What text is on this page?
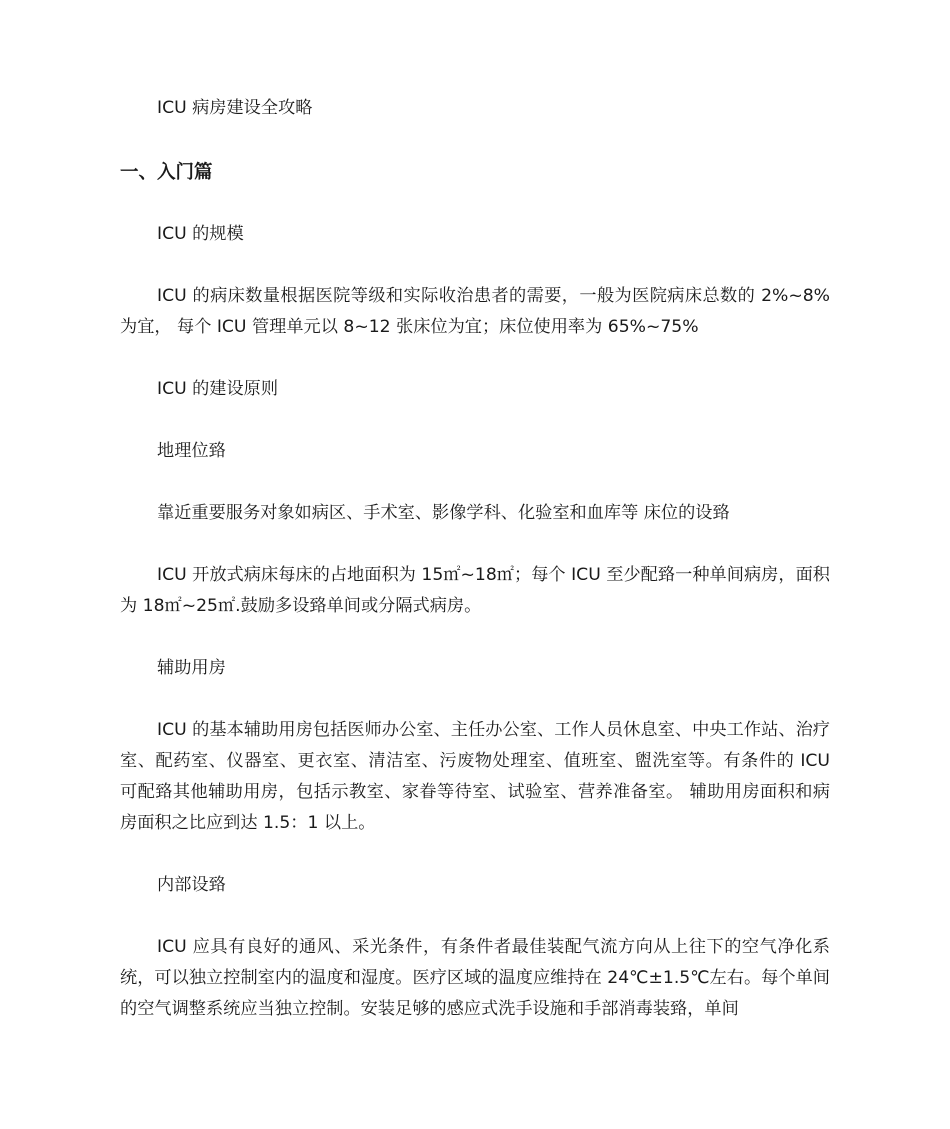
ICU 病房建设全攻略

一、入门篇

ICU 的规模

ICU 的病床数量根据医院等级和实际收治患者的需要，一般为医院病床总数的 2%~8%为宜， 每个 ICU 管理单元以 8~12 张床位为宜；床位使用率为 65%~75%

ICU 的建设原则

地理位臵

靠近重要服务对象如病区、手术室、影像学科、化验室和血库等 床位的设臵

ICU 开放式病床每床的占地面积为 15㎡~18㎡；每个 ICU 至少配臵一种单间病房，面积为 18㎡~25㎡.鼓励多设臵单间或分隔式病房。

辅助用房

ICU 的基本辅助用房包括医师办公室、主任办公室、工作人员休息室、中央工作站、治疗室、配药室、仪器室、更衣室、清洁室、污废物处理室、值班室、盥洗室等。有条件的 ICU 可配臵其他辅助用房，包括示教室、家眷等待室、试验室、营养准备室。 辅助用房面积和病房面积之比应到达 1.5：1 以上。

内部设臵

ICU 应具有良好的通风、采光条件，有条件者最佳装配气流方向从上往下的空气净化系统，可以独立控制室内的温度和湿度。医疗区域的温度应维持在 24℃±1.5℃左右。每个单间的空气调整系统应当独立控制。安装足够的感应式洗手设施和手部消毒装臵，单间
